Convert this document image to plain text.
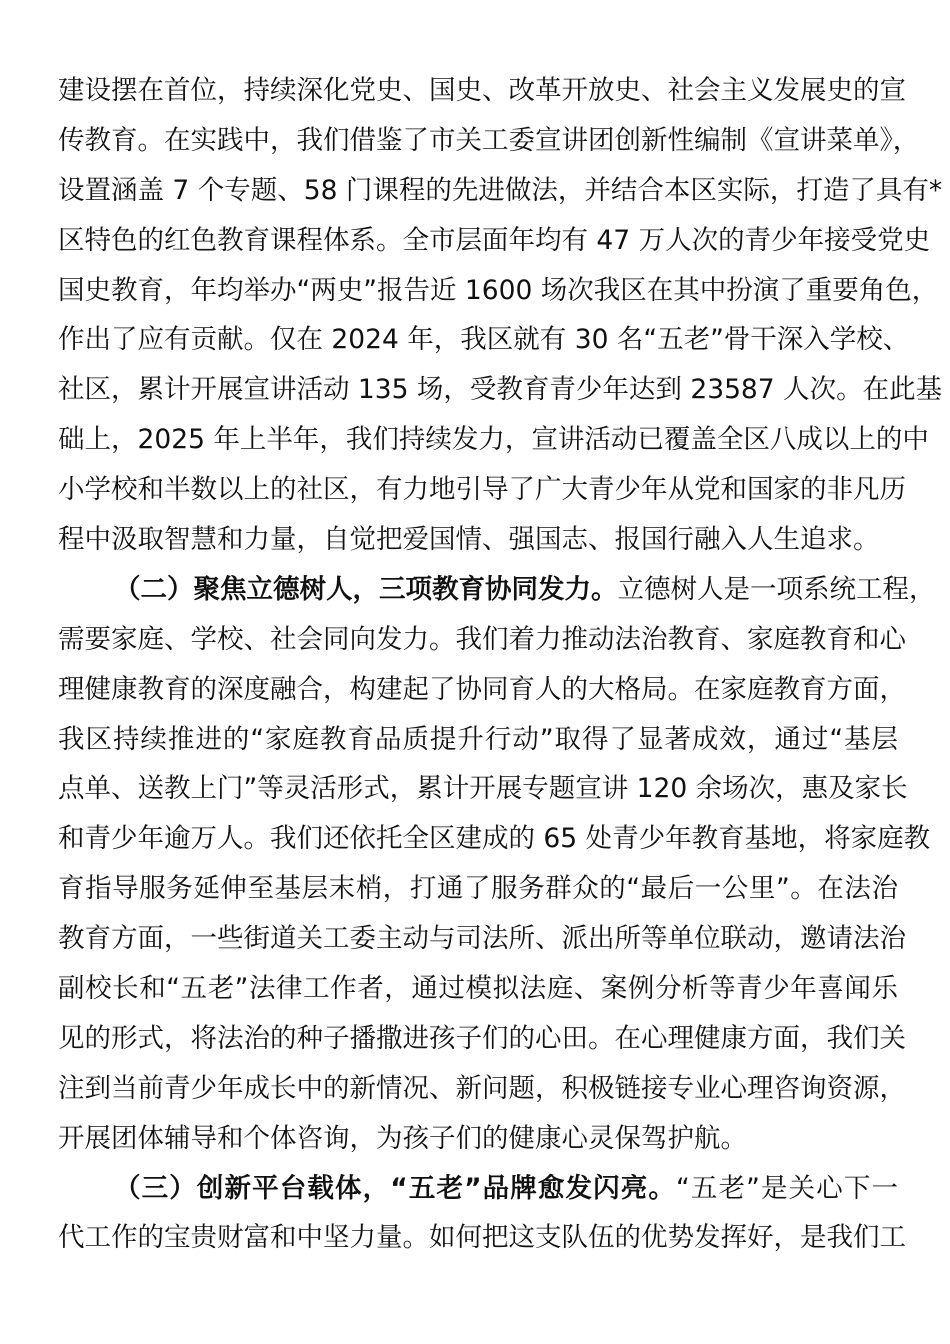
建设摆在首位，持续深化党史、国史、改革开放史、社会主义发展史的宣
传教育。在实践中，我们借鉴了市关工委宣讲团创新性编制《宣讲菜单》，
设置涵盖 7 个专题、58 门课程的先进做法，并结合本区实际，打造了具有*
区特色的红色教育课程体系。全市层面年均有 47 万人次的青少年接受党史
国史教育，年均举办“两史”报告近 1600 场次我区在其中扮演了重要角色，
作出了应有贡献。仅在 2024 年，我区就有 30 名“五老”骨干深入学校、
社区，累计开展宣讲活动 135 场，受教育青少年达到 23587 人次。在此基
础上，2025 年上半年，我们持续发力，宣讲活动已覆盖全区八成以上的中
小学校和半数以上的社区，有力地引导了广大青少年从党和国家的非凡历
程中汲取智慧和力量，自觉把爱国情、强国志、报国行融入人生追求。
（二）聚焦立德树人，三项教育协同发力。立德树人是一项系统工程，
需要家庭、学校、社会同向发力。我们着力推动法治教育、家庭教育和心
理健康教育的深度融合，构建起了协同育人的大格局。在家庭教育方面，
我区持续推进的“家庭教育品质提升行动”取得了显著成效，通过“基层
点单、送教上门”等灵活形式，累计开展专题宣讲 120 余场次，惠及家长
和青少年逾万人。我们还依托全区建成的 65 处青少年教育基地，将家庭教
育指导服务延伸至基层末梢，打通了服务群众的“最后一公里”。在法治
教育方面，一些街道关工委主动与司法所、派出所等单位联动，邀请法治
副校长和“五老”法律工作者，通过模拟法庭、案例分析等青少年喜闻乐
见的形式，将法治的种子播撒进孩子们的心田。在心理健康方面，我们关
注到当前青少年成长中的新情况、新问题，积极链接专业心理咨询资源，
开展团体辅导和个体咨询，为孩子们的健康心灵保驾护航。
（三）创新平台载体，“五老”品牌愈发闪亮。“五老”是关心下一
代工作的宝贵财富和中坚力量。如何把这支队伍的优势发挥好，是我们工
